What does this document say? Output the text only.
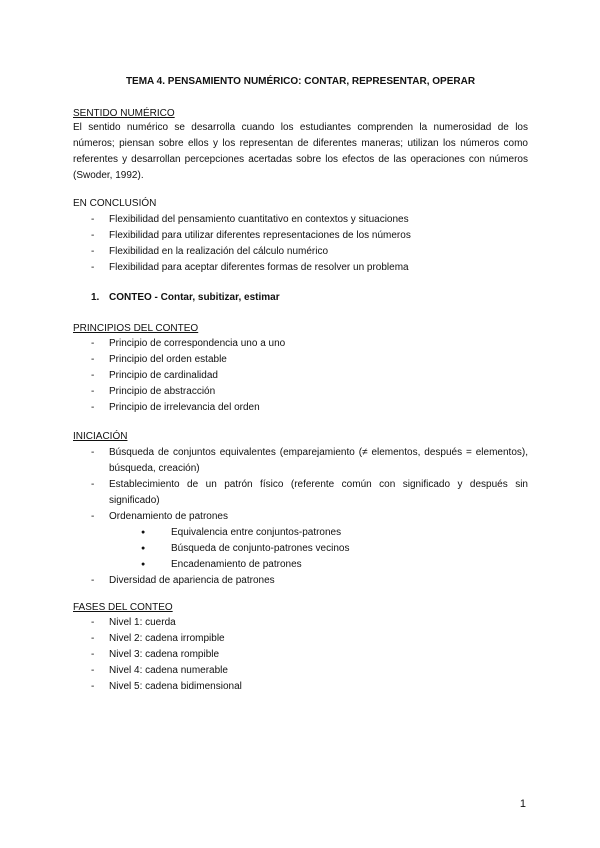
TEMA 4. PENSAMIENTO NUMÉRICO: CONTAR, REPRESENTAR, OPERAR
SENTIDO NUMÉRICO
El sentido numérico se desarrolla cuando los estudiantes comprenden la numerosidad de los números; piensan sobre ellos y los representan de diferentes maneras; utilizan los números como referentes y desarrollan percepciones acertadas sobre los efectos de las operaciones con números (Swoder, 1992).
EN CONCLUSIÓN
- Flexibilidad del pensamiento cuantitativo en contextos y situaciones
- Flexibilidad para utilizar diferentes representaciones de los números
- Flexibilidad en la realización del cálculo numérico
- Flexibilidad para aceptar diferentes formas de resolver un problema
1. CONTEO - Contar, subitizar, estimar
PRINCIPIOS DEL CONTEO
- Principio de correspondencia uno a uno
- Principio del orden estable
- Principio de cardinalidad
- Principio de abstracción
- Principio de irrelevancia del orden
INICIACIÓN
- Búsqueda de conjuntos equivalentes (emparejamiento (≠ elementos, después = elementos), búsqueda, creación)
- Establecimiento de un patrón físico (referente común con significado y después sin significado)
- Ordenamiento de patrones
● Equivalencia entre conjuntos-patrones
● Búsqueda de conjunto-patrones vecinos
● Encadenamiento de patrones
- Diversidad de apariencia de patrones
FASES DEL CONTEO
- Nivel 1: cuerda
- Nivel 2: cadena irrompible
- Nivel 3: cadena rompible
- Nivel 4: cadena numerable
- Nivel 5: cadena bidimensional
1
